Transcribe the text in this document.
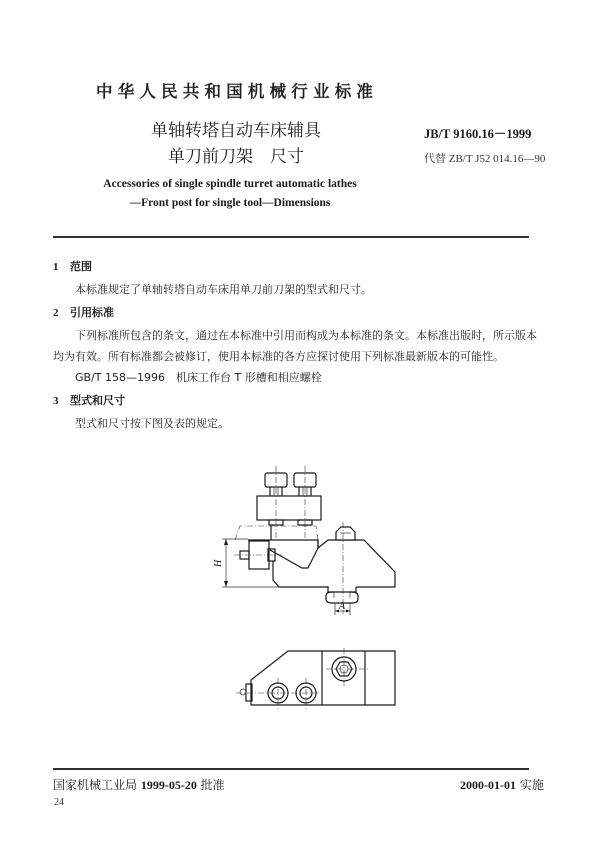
中华人民共和国机械行业标准
单轴转塔自动车床辅具
单刀前刀架　尺寸
JB/T 9160.16－1999
代替 ZB/T J52 014.16—90
Accessories of single spindle turret automatic lathes
—Front post for single tool—Dimensions
1 范围
本标准规定了单轴转塔自动车床用单刀前刀架的型式和尺寸。
2 引用标准
下列标准所包含的条文，通过在本标准中引用而构成为本标准的条文。本标准出版时，所示版本
均为有效。所有标准都会被修订，使用本标准的各方应探讨使用下列标准最新版本的可能性。
GB/T 158—1996　机床工作台 T 形槽和相应螺栓
3 型式和尺寸
型式和尺寸按下图及表的规定。
H
A
国家机械工业局 1999-05-20 批准	2000-01-01 实施
24
